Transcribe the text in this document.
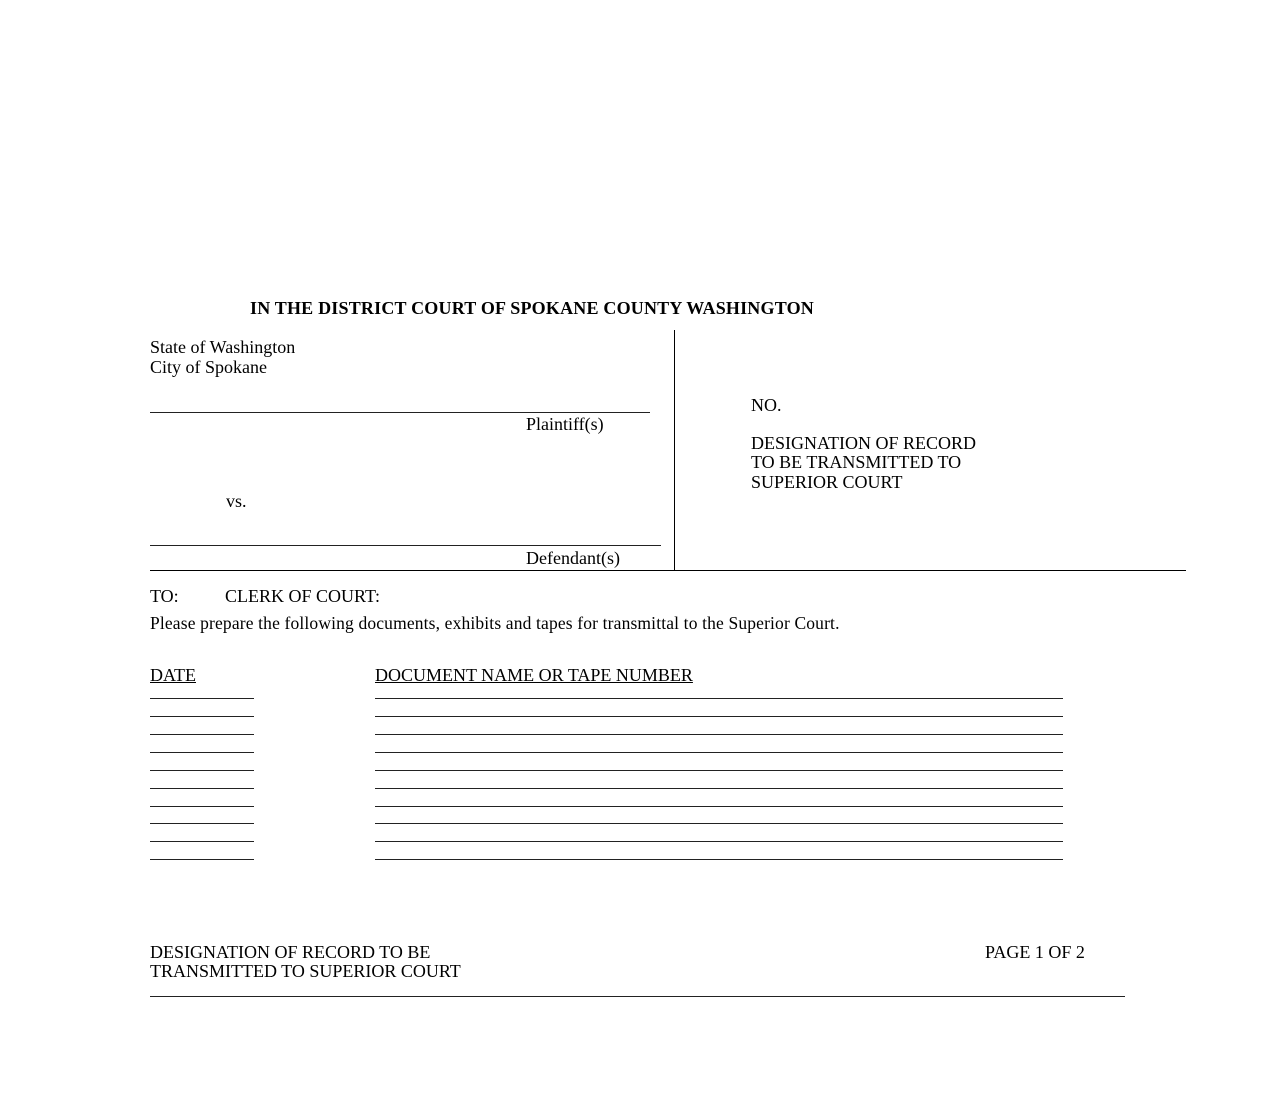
IN THE DISTRICT COURT OF SPOKANE COUNTY WASHINGTON
State of Washington
City of Spokane
Plaintiff(s)
vs.
Defendant(s)
NO.
DESIGNATION OF RECORD
TO BE TRANSMITTED TO
SUPERIOR COURT
TO:	CLERK OF COURT:
Please prepare the following documents, exhibits and tapes for transmittal to the Superior Court.
DATE	DOCUMENT NAME OR TAPE NUMBER
DESIGNATION OF RECORD TO BE
TRANSMITTED TO SUPERIOR COURT
PAGE 1 OF 2
